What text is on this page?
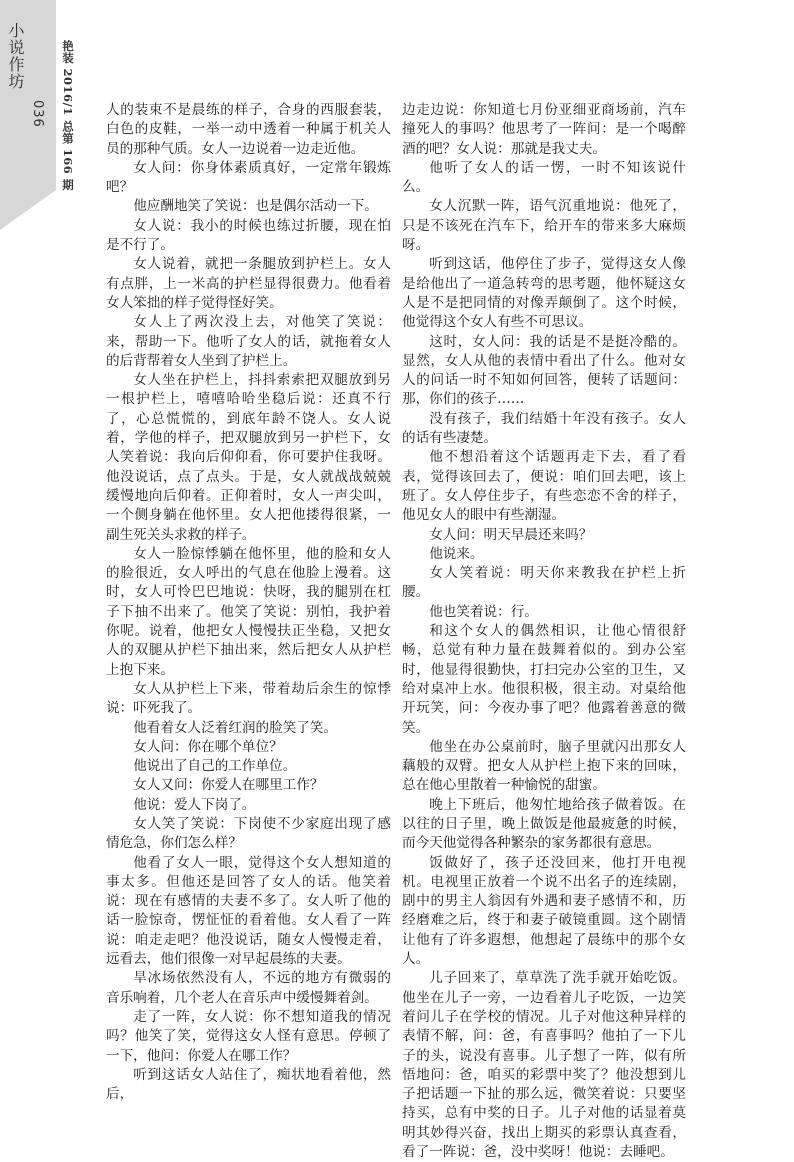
小说作坊
036 艳装 2016/1 总第 166 期 人的装束不是晨练的样子，合身的西服套装，白色的皮鞋，一举一动中透着一种属于机关人员的那种气质。女人一边说着一边走近他。

女人问：你身体素质真好，一定常年锻炼吧？

他应酬地笑了笑说：也是偶尔活动一下。

女人说：我小的时候也练过折腰，现在怕是不行了。

女人说着，就把一条腿放到护栏上。女人有点胖，上一米高的护栏显得很费力。他看着女人笨拙的样子觉得怪好笑。

女人上了两次没上去，对他笑了笑说：来，帮助一下。他听了女人的话，就拖着女人的后背帮着女人坐到了护栏上。

女人坐在护栏上，抖抖索索把双腿放到另一根护栏上，嘻嘻哈哈坐稳后说：还真不行了，心总慌慌的，到底年龄不饶人。女人说着，学他的样子，把双腿放到另一护栏下，女人笑着说：我向后仰仰看，你可要护住我呀。他没说话，点了点头。于是，女人就战战兢兢缓慢地向后仰着。正仰着时，女人一声尖叫，一个侧身躺在他怀里。女人把他搂得很紧，一副生死关头求救的样子。

女人一脸惊悸躺在他怀里，他的脸和女人的脸很近，女人呼出的气息在他脸上漫着。这时，女人可怜巴巴地说：快呀，我的腿别在杠子下抽不出来了。他笑了笑说：别怕，我护着你呢。说着，他把女人慢慢扶正坐稳，又把女人的双腿从护栏下抽出来，然后把女人从护栏上抱下来。

女人从护栏上下来，带着劫后余生的惊悸说：吓死我了。

他看着女人泛着红润的脸笑了笑。

女人问：你在哪个单位？

他说出了自己的工作单位。

女人又问：你爱人在哪里工作？

他说：爱人下岗了。

女人笑了笑说：下岗使不少家庭出现了感情危急，你们怎么样？

他看了女人一眼，觉得这个女人想知道的事太多。但他还是回答了女人的话。他笑着说：现在有感情的夫妻不多了。女人听了他的话一脸惊奇，愣怔怔的看着他。女人看了一阵说：咱走走吧？他没说话，随女人慢慢走着，远看去，他们很像一对早起晨练的夫妻。

旱冰场依然没有人，不远的地方有微弱的音乐响着，几个老人在音乐声中缓慢舞着剑。

走了一阵，女人说：你不想知道我的情况吗？他笑了笑，觉得这女人怪有意思。停顿了一下，他问：你爱人在哪工作？

听到这话女人站住了，痴状地看着他，然后，

边走边说：你知道七月份亚细亚商场前，汽车撞死人的事吗？他思考了一阵问：是一个喝醉酒的吧？女人说：那就是我丈夫。

他听了女人的话一愣，一时不知该说什么。

女人沉默一阵，语气沉重地说：他死了，只是不该死在汽车下，给开车的带来多大麻烦呀。

听到这话，他停住了步子，觉得这女人像是给他出了一道急转弯的思考题，他怀疑这女人是不是把同情的对像弄颠倒了。这个时候，他觉得这个女人有些不可思议。

这时，女人问：我的话是不是挺冷酷的。显然，女人从他的表情中看出了什么。他对女人的问话一时不知如何回答，便转了话题问：那，你们的孩子……

没有孩子，我们结婚十年没有孩子。女人的话有些凄楚。

他不想沿着这个话题再走下去，看了看表，觉得该回去了，便说：咱们回去吧，该上班了。女人停住步子，有些恋恋不舍的样子，他见女人的眼中有些潮湿。

女人问：明天早晨还来吗？

他说来。

女人笑着说：明天你来教我在护栏上折腰。

他也笑着说：行。

和这个女人的偶然相识，让他心情很舒畅，总觉有种力量在鼓舞着似的。到办公室时，他显得很勤快，打扫完办公室的卫生，又给对桌冲上水。他很积极，很主动。对桌给他开玩笑，问：今夜办事了吧？他露着善意的微笑。

他坐在办公桌前时，脑子里就闪出那女人藕般的双臂。把女人从护栏上抱下来的回味，总在他心里散着一种愉悦的甜蜜。

晚上下班后，他匆忙地给孩子做着饭。在以往的日子里，晚上做饭是他最疲惫的时候，而今天他觉得各种繁杂的家务都很有意思。

饭做好了，孩子还没回来，他打开电视机。电视里正放着一个说不出名子的连续剧，剧中的男主人翁因有外遇和妻子感情不和，历经磨难之后，终于和妻子破镜重圆。这个剧情让他有了许多遐想，他想起了晨练中的那个女人。

儿子回来了，草草洗了洗手就开始吃饭。他坐在儿子一旁，一边看着儿子吃饭，一边笑着问儿子在学校的情况。儿子对他这种异样的表情不解，问：爸，有喜事吗？他拍了一下儿子的头，说没有喜事。儿子想了一阵，似有所悟地问：爸，咱买的彩票中奖了？他没想到儿子把话题一下扯的那么远，微笑着说：只要坚持买，总有中奖的日子。儿子对他的话显着莫明其妙得兴奋，找出上期买的彩票认真查看，看了一阵说：爸，没中奖呀！他说：去睡吧。
